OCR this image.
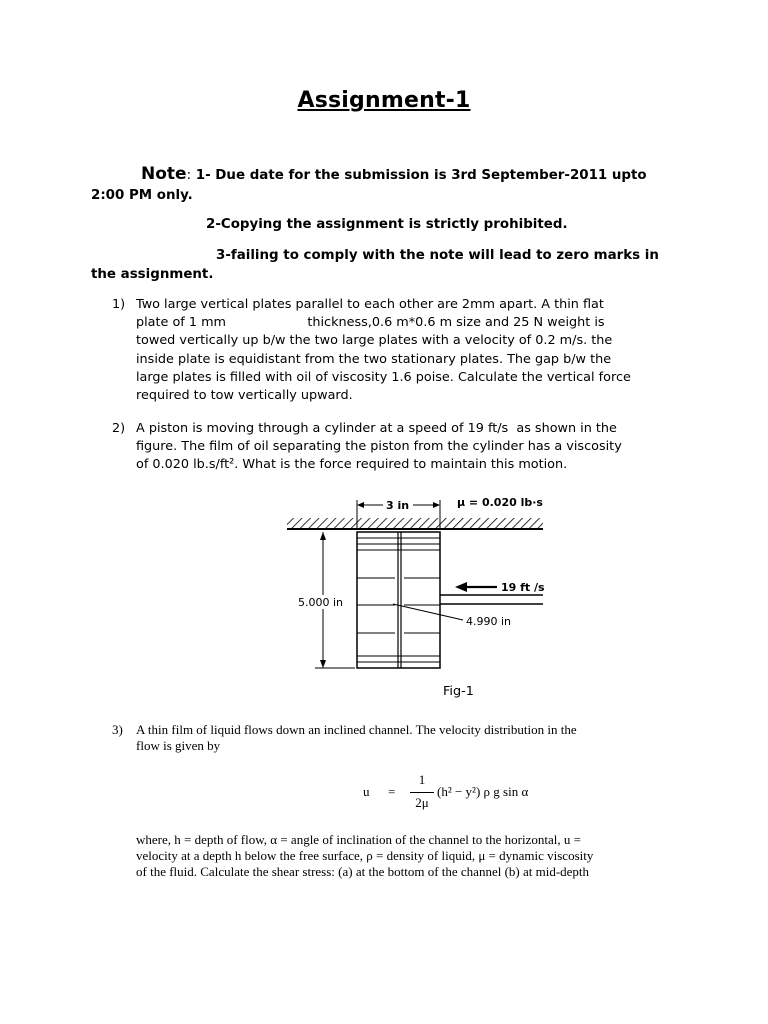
Assignment-1
Note: 1- Due date for the submission is 3rd September-2011 upto
2:00 PM only.
2-Copying the assignment is strictly prohibited.
3-failing to comply with the note will lead to zero marks in
the assignment.
1) Two large vertical plates parallel to each other are 2mm apart. A thin flat
plate of 1 mm                    thickness,0.6 m*0.6 m size and 25 N weight is
towed vertically up b/w the two large plates with a velocity of 0.2 m/s. the
inside plate is equidistant from the two stationary plates. The gap b/w the
large plates is filled with oil of viscosity 1.6 poise. Calculate the vertical force
required to tow vertically upward.
2) A piston is moving through a cylinder at a speed of 19 ft/s  as shown in the
figure. The film of oil separating the piston from the cylinder has a viscosity
of 0.020 lb.s/ft². What is the force required to maintain this motion.
3 in	μ = 0.020 lb·s
5.000 in
19 ft /s
4.990 in
Fig-1
3) A thin film of liquid flows down an inclined channel. The velocity distribution in the
flow is given by
u =
1
2μ
(h² − y²) ρ g sin α
where, h = depth of flow, α = angle of inclination of the channel to the horizontal, u =
velocity at a depth h below the free surface, ρ = density of liquid, μ = dynamic viscosity
of the fluid. Calculate the shear stress: (a) at the bottom of the channel (b) at mid-depth
